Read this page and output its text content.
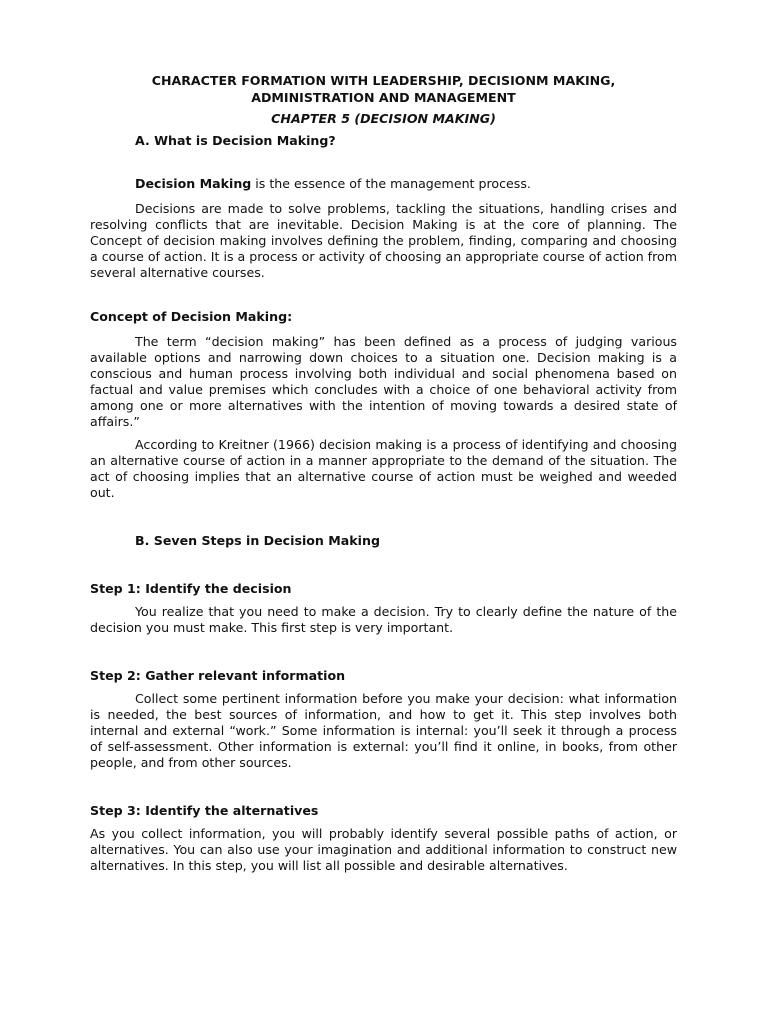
CHARACTER FORMATION WITH LEADERSHIP, DECISIONM MAKING,
ADMINISTRATION AND MANAGEMENT
CHAPTER 5 (DECISION MAKING)
A. What is Decision Making?

Decision Making is the essence of the management process.

Decisions are made to solve problems, tackling the situations, handling crises and resolving conflicts that are inevitable. Decision Making is at the core of planning. The Concept of decision making involves defining the problem, finding, comparing and choosing a course of action. It is a process or activity of choosing an appropriate course of action from several alternative courses.

Concept of Decision Making:

The term “decision making” has been defined as a process of judging various available options and narrowing down choices to a situation one. Decision making is a conscious and human process involving both individual and social phenomena based on factual and value premises which concludes with a choice of one behavioral activity from among one or more alternatives with the intention of moving towards a desired state of affairs.”

According to Kreitner (1966) decision making is a process of identifying and choosing an alternative course of action in a manner appropriate to the demand of the situation. The act of choosing implies that an alternative course of action must be weighed and weeded out.

B. Seven Steps in Decision Making
Step 1: Identify the decision

You realize that you need to make a decision. Try to clearly define the nature of the decision you must make. This first step is very important.

Step 2: Gather relevant information

Collect some pertinent information before you make your decision: what information is needed, the best sources of information, and how to get it. This step involves both internal and external “work.” Some information is internal: you’ll seek it through a process of self-assessment. Other information is external: you’ll find it online, in books, from other people, and from other sources.

Step 3: Identify the alternatives

As you collect information, you will probably identify several possible paths of action, or alternatives. You can also use your imagination and additional information to construct new alternatives. In this step, you will list all possible and desirable alternatives.
